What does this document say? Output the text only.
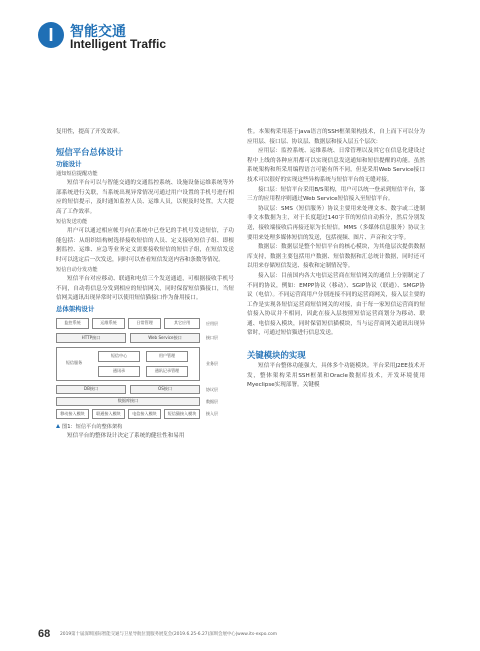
I	智能交通
Intelligent Traffic

复用性，提高了开发效率。

短信平台总体设计
功能设计
通知短信提醒功能

短信平台可以与智能交通的交通监控系统、设施设备运维系统等外部系统进行关联，当系统出现异常情况可通过用户设置的手机号进行相应的短信提示，及时通知监控人员、运维人员，以便及时处置，大大提高了工作效率。

短信发送功能

用户可以通过相应帐号向在系统中已登记的手机号发送短信，子功能包括：从组织结构树选择接收短信的人员、定义接收短信子组、即根据监控、运维、应急等业务定义需要接收短信的短信子组，在短信发送时可以选定后一次发送，同时可以查看短信发送内容和条数等情况。

短信自动分发功能

短信平台对应移动、联通和电信三个发送通道，可根据接收手机号不同，自动将信息分发到相应的短信网关，同时保留短信猫接口，当短信网关通讯出现异常时可以使用短信猫接口作为备用接口。

总体架构设计
监控系统	运维系统	日常管理	其它应用	应用层
HTTP接口	Web Service接口	接口层
短信服务
短信中心	用户管理
通讯录	通讯记录管理
业务层
DB接口	OS接口	协议层
数据库接口	数据层
移动接入模块	联通接入模块	电信接入模块	短信猫接入模块	接入层
图1：短信平台的整体架构

短信平台的整体设计决定了系统的健壮性和易用

性。本架构采用基于java语言的SSH框架架构技术，自上而下可以分为应用层、接口层、协议层、数据层和接入层五个层次：

应用层：监控系统、运维系统、日常管理以及其它在信息化建设过程中上线的各种应用都可以实现信息发送通知和短信提醒的功能。虽然系统架构和所采用编程语言可能有所不同，但是采用Web Service接口技术可以很好的实现这些异构系统与短信平台的无缝对接。

接口层：短信平台采用B/S架构，用户可以统一登录到短信平台，第三方的应用程序则通过Web Service短信接入至短信平台。

协议层：SMS（短信服务）协议主要用来处理文本、数字或二进制非文本数据为主，对于长度超过140字节的短信自动拆分，然后分别发送，接收端接收后再接还原为长短信。MMS（多媒体信息服务）协议主要用来处理多媒体短信的发送，包括视频、图片、声音和文字等。

数据层：数据层是整个短信平台的核心模块，为其他层次提供数据库支持，数据主要包括用户数据、短信数据和汇总统计数据，同时还可以用来存储短信发送、接收和定制情况等。

接入层：目前国内各大电信运营商在短信网关的通信上分别制定了不同的协议，例如：EMPP协议（移动）、SGIP协议（联通）、SMGP协议（电信）。不同运营商用户分别连接不同的运营商网关，接入层主要的工作是实现各短信运营商短信网关的对接，由于每一家短信运营商的短信接入协议并不相同，因此在接入层按照短信运营商划分为移动、联通、电信接入模块，同时保留短信猫模块，当与运营商网关通讯出现异常时，可通过短信猫进行信息发送。

关键模块的实现

短信平台整体功能强大，具体多个功能模块。平台采用J2EE技术开发，整体架构采用SSH框架和Oracle数据库技术，开发环境使用Myeclipse实现部署。关键模

68 2019第十届深圳国际智能交通与卫星导航位置服务展览会(2019.6.25-6.27)深圳会展中心|www.its-expo.com
